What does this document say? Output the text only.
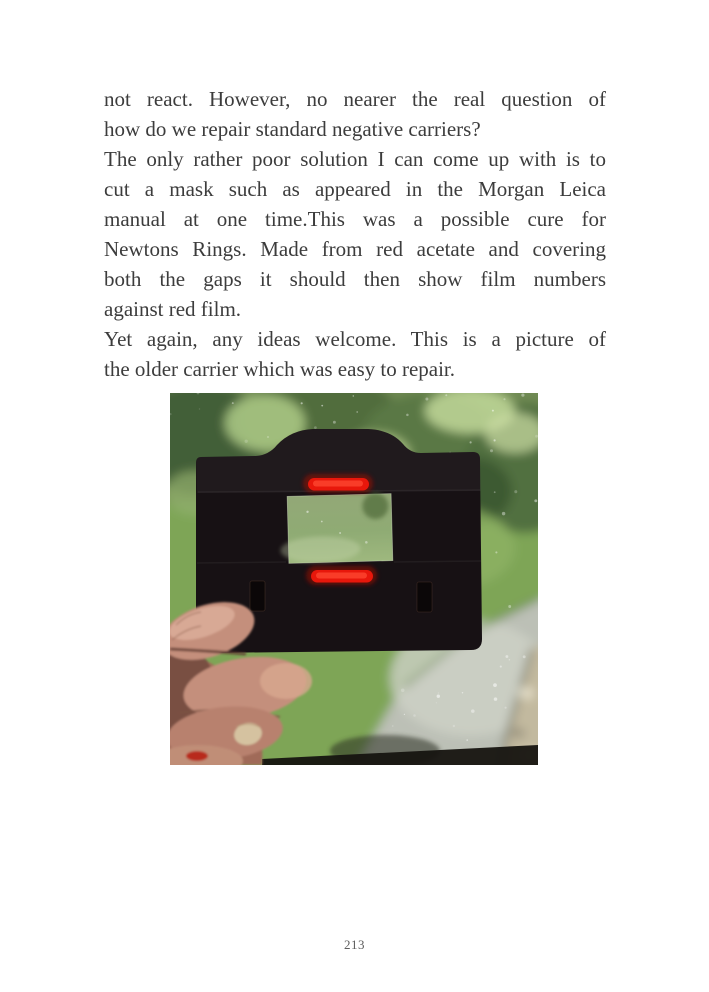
not react. However, no nearer the real question of
how do we repair standard negative carriers?
The only rather poor solution I can come up with is to
cut a mask such as appeared in the Morgan Leica
manual at one time.This was a possible cure for
Newtons Rings. Made from red acetate and covering
both the gaps it should then show film numbers
against red film.
Yet again, any ideas welcome. This is a picture of
the older carrier which was easy to repair.
213
